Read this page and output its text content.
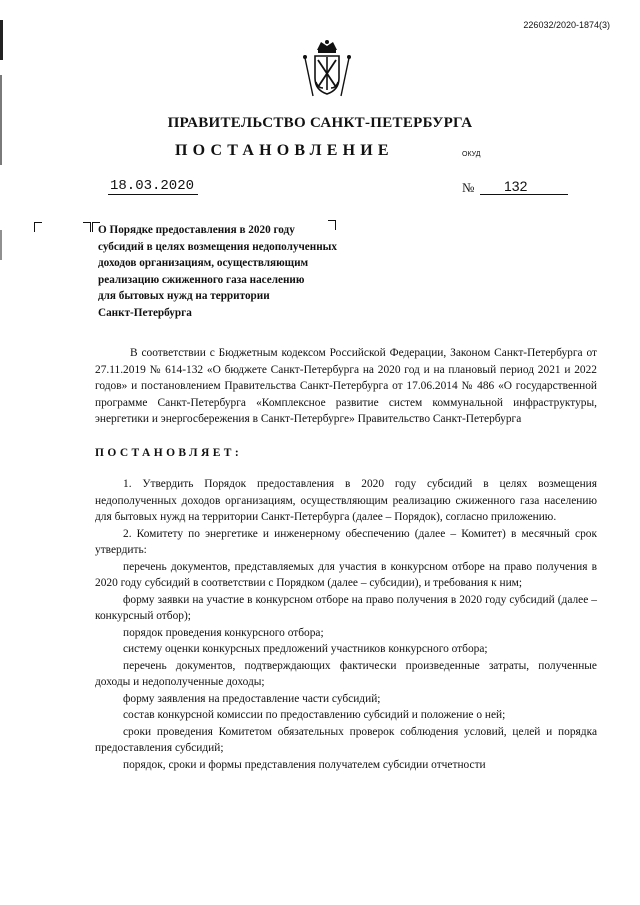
226032/2020-1874(3)
ПРАВИТЕЛЬСТВО САНКТ-ПЕТЕРБУРГА
ПОСТАНОВЛЕНИЕ	ОКУД
18.03.2020	№	132
О Порядке предоставления в 2020 году
субсидий в целях возмещения недополученных
доходов организациям, осуществляющим
реализацию сжиженного газа населению
для бытовых нужд на территории
Санкт-Петербурга
В соответствии с Бюджетным кодексом Российской Федерации, Законом Санкт-Петербурга от 27.11.2019 № 614-132 «О бюджете Санкт-Петербурга на 2020 год и на плановый период 2021 и 2022 годов» и постановлением Правительства Санкт-Петербурга от 17.06.2014 № 486 «О государственной программе Санкт-Петербурга «Комплексное развитие систем коммунальной инфраструктуры, энергетики и энергосбережения в Санкт-Петербурге» Правительство Санкт-Петербурга
ПОСТАНОВЛЯЕТ:

1. Утвердить Порядок предоставления в 2020 году субсидий в целях возмещения недополученных доходов организациям, осуществляющим реализацию сжиженного газа населению для бытовых нужд на территории Санкт-Петербурга (далее – Порядок), согласно приложению.

2. Комитету по энергетике и инженерному обеспечению (далее – Комитет) в месячный срок утвердить:

перечень документов, представляемых для участия в конкурсном отборе на право получения в 2020 году субсидий в соответствии с Порядком (далее – субсидии), и требования к ним;

форму заявки на участие в конкурсном отборе на право получения в 2020 году субсидий (далее – конкурсный отбор);

порядок проведения конкурсного отбора;

систему оценки конкурсных предложений участников конкурсного отбора;

перечень документов, подтверждающих фактически произведенные затраты, полученные доходы и недополученные доходы;

форму заявления на предоставление части субсидий;

состав конкурсной комиссии по предоставлению субсидий и положение о ней;

сроки проведения Комитетом обязательных проверок соблюдения условий, целей и порядка предоставления субсидий;

порядок, сроки и формы представления получателем субсидии отчетности
